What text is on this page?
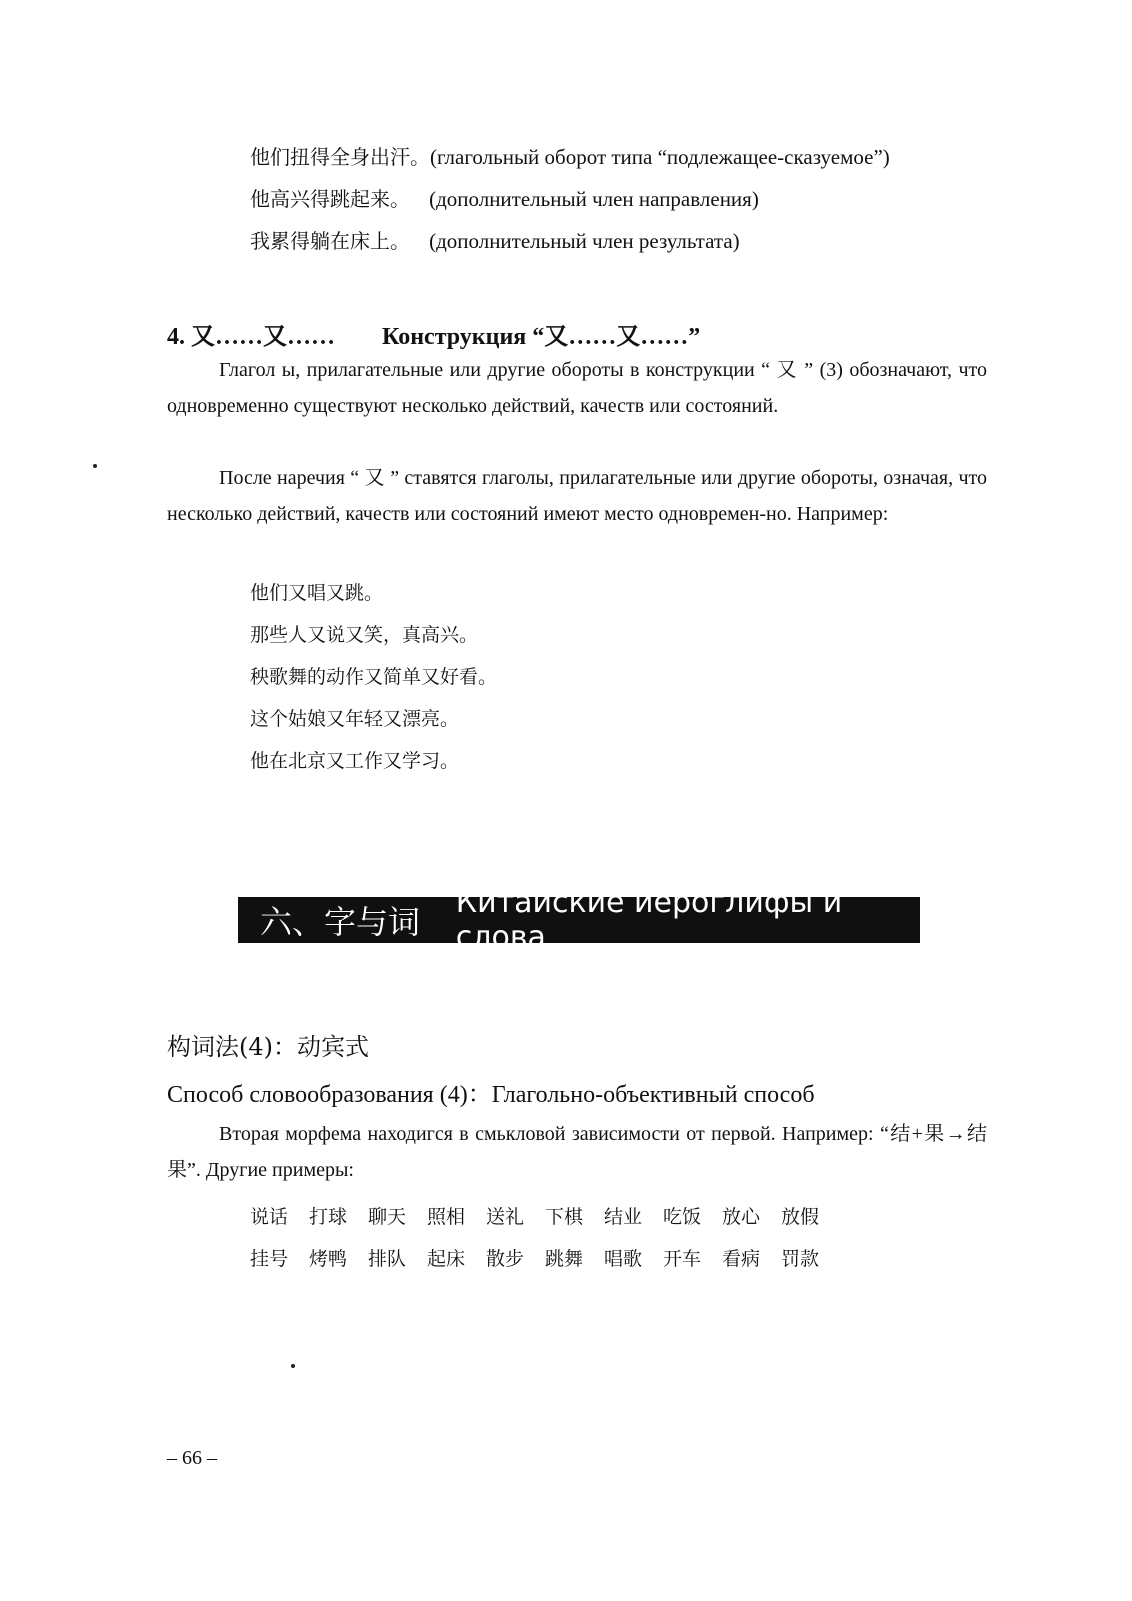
他们扭得全身出汗。(глагольный оборот типа “подлежащее-сказуемое”)
他高兴得跳起来。 (дополнительный член направления)
我累得躺在床上。 (дополнительный член результата)
4. 又……又…… Конструкция “又……又……”
Глагол ы, прилагательные или другие обороты в конструкции “ 又 ” (3) обозначают, что одновременно существуют несколько действий, качеств или состояний.
После наречия “ 又 ” ставятся глаголы, прилагательные или другие обороты, означая, что несколько действий, качеств или состояний имеют место одновремен-но. Например:
他们又唱又跳。
那些人又说又笑，真高兴。
秧歌舞的动作又简单又好看。
这个姑娘又年轻又漂亮。
他在北京又工作又学习。
六、字与词
Китайские иероглифы и слова
构词法(4)：动宾式
Способ словообразования (4)：Глагольно-объективный способ
Вторая морфема находигся в смькловой зависимости от первой. Например: “结+果→结果”. Другие примеры:
说话	打球	聊天	照相	送礼	下棋	结业	吃饭	放心	放假
挂号	烤鸭	排队	起床	散步	跳舞	唱歌	开车	看病	罚款
– 66 –
